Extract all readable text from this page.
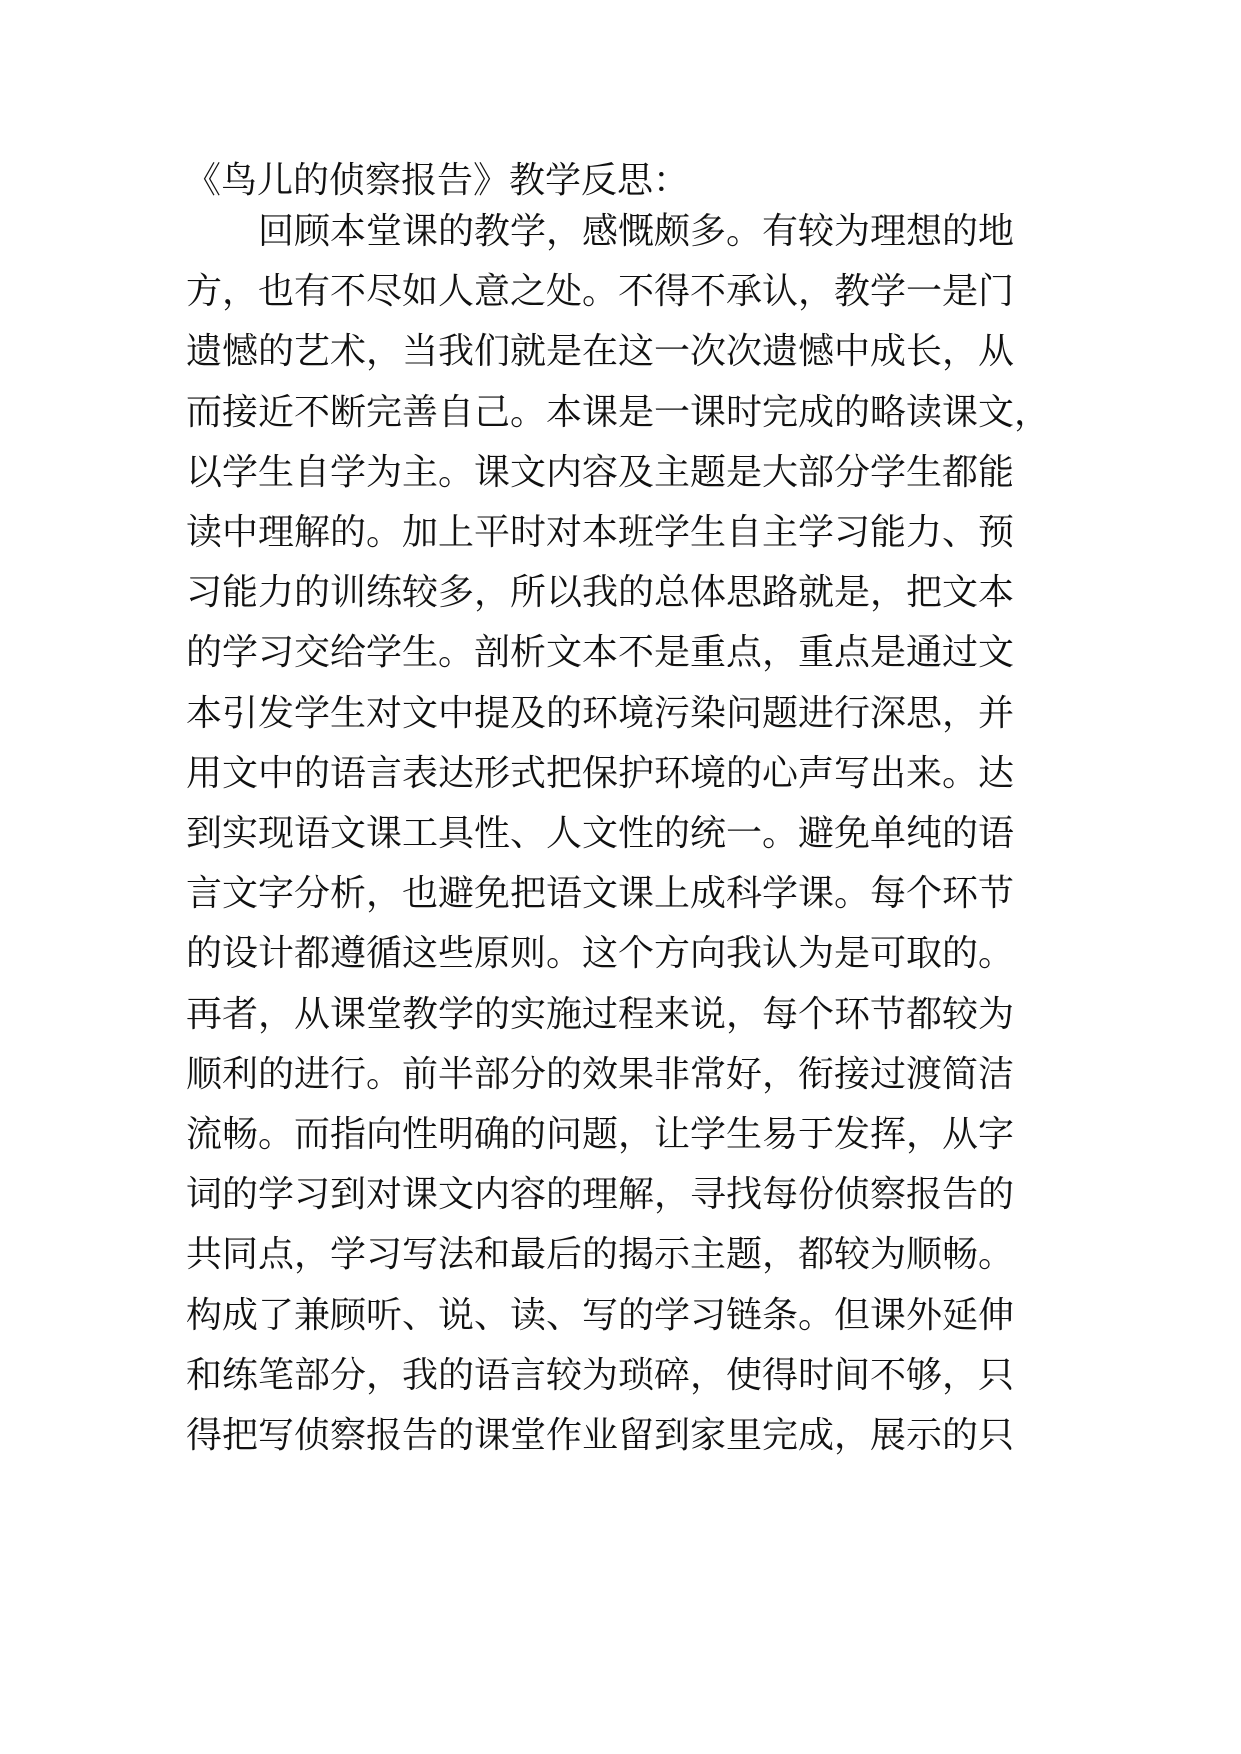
《鸟儿的侦察报告》教学反思：

　　回顾本堂课的教学，感慨颇多。有较为理想的地

方，也有不尽如人意之处。不得不承认，教学一是门

遗憾的艺术，当我们就是在这一次次遗憾中成长，从

而接近不断完善自己。本课是一课时完成的略读课文，

以学生自学为主。课文内容及主题是大部分学生都能

读中理解的。加上平时对本班学生自主学习能力、预

习能力的训练较多，所以我的总体思路就是，把文本

的学习交给学生。剖析文本不是重点，重点是通过文

本引发学生对文中提及的环境污染问题进行深思，并

用文中的语言表达形式把保护环境的心声写出来。达

到实现语文课工具性、人文性的统一。避免单纯的语

言文字分析，也避免把语文课上成科学课。每个环节

的设计都遵循这些原则。这个方向我认为是可取的。

再者，从课堂教学的实施过程来说，每个环节都较为

顺利的进行。前半部分的效果非常好，衔接过渡简洁

流畅。而指向性明确的问题，让学生易于发挥，从字

词的学习到对课文内容的理解，寻找每份侦察报告的

共同点，学习写法和最后的揭示主题，都较为顺畅。

构成了兼顾听、说、读、写的学习链条。但课外延伸

和练笔部分，我的语言较为琐碎，使得时间不够，只

得把写侦察报告的课堂作业留到家里完成，展示的只
